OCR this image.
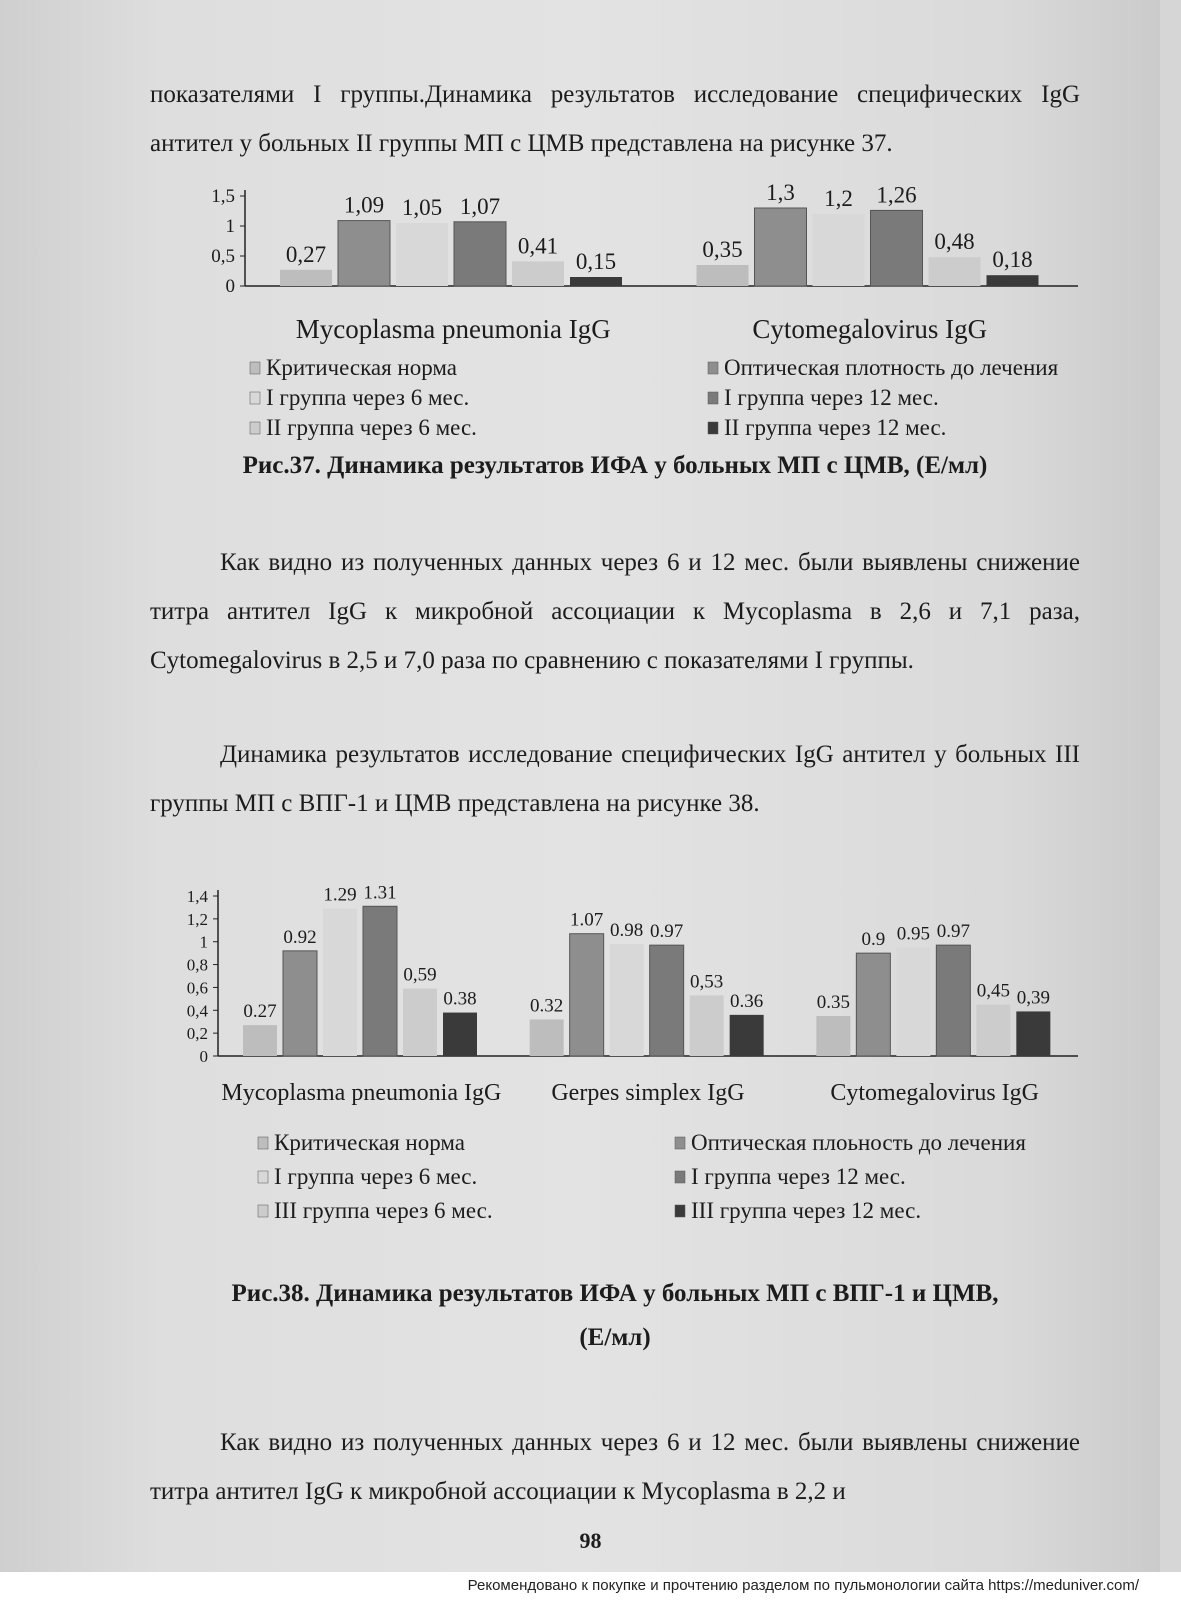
показателями I группы.Динамика результатов исследование специфических IgG антител у больных II группы МП с ЦМВ представлена на рисунке 37.

0
0,5
1
1,5
0,27
1,09 1,05 1,07
0,41
0,15
Mycoplasma pneumonia IgG
0,35
1,3 1,2 1,26
0,48
0,18
Cytomegalovirus IgG
Критическая норма
I группа через 6 мес.
II группа через 6 мес.
Оптическая плотность до лечения
I группа через 12 мес.
II группа через 12 мес.

Рис.37. Динамика результатов ИФА у больных МП с ЦМВ, (Е/мл)

Как видно из полученных данных через 6 и 12 мес. были выявлены снижение титра антител IgG к микробной ассоциации к Mycoplasma в 2,6 и 7,1 раза, Cytomegalovirus в 2,5 и 7,0 раза по сравнению с показателями I группы.

Динамика результатов исследование специфических IgG антител у больных III группы МП с ВПГ-1 и ЦМВ представлена на рисунке 38.

0
0,2
0,4
0,6
0,8
1
1,2
1,4
0.27
0.92
1.29 1.31
0,59
0.38
Mycoplasma pneumonia IgG
0.32
1.07 0.98 0.97
0,53
0.36
Gerpes simplex IgG
0.35
0.9 0.95 0.97
0,45 0,39
Cytomegalovirus IgG
Критическая норма
I группа через 6 мес.
III группа через 6 мес.
Оптическая плоьность до лечения
I группа через 12 мес.
III группа через 12 мес.

Рис.38. Динамика результатов ИФА у больных МП с ВПГ-1 и ЦМВ,

(Е/мл)

Как видно из полученных данных через 6 и 12 мес. были выявлены снижение титра антител IgG к микробной ассоциации к Mycoplasma в 2,2 и

98
Рекомендовано к покупке и прочтению разделом по пульмонологии сайта https://meduniver.com/
